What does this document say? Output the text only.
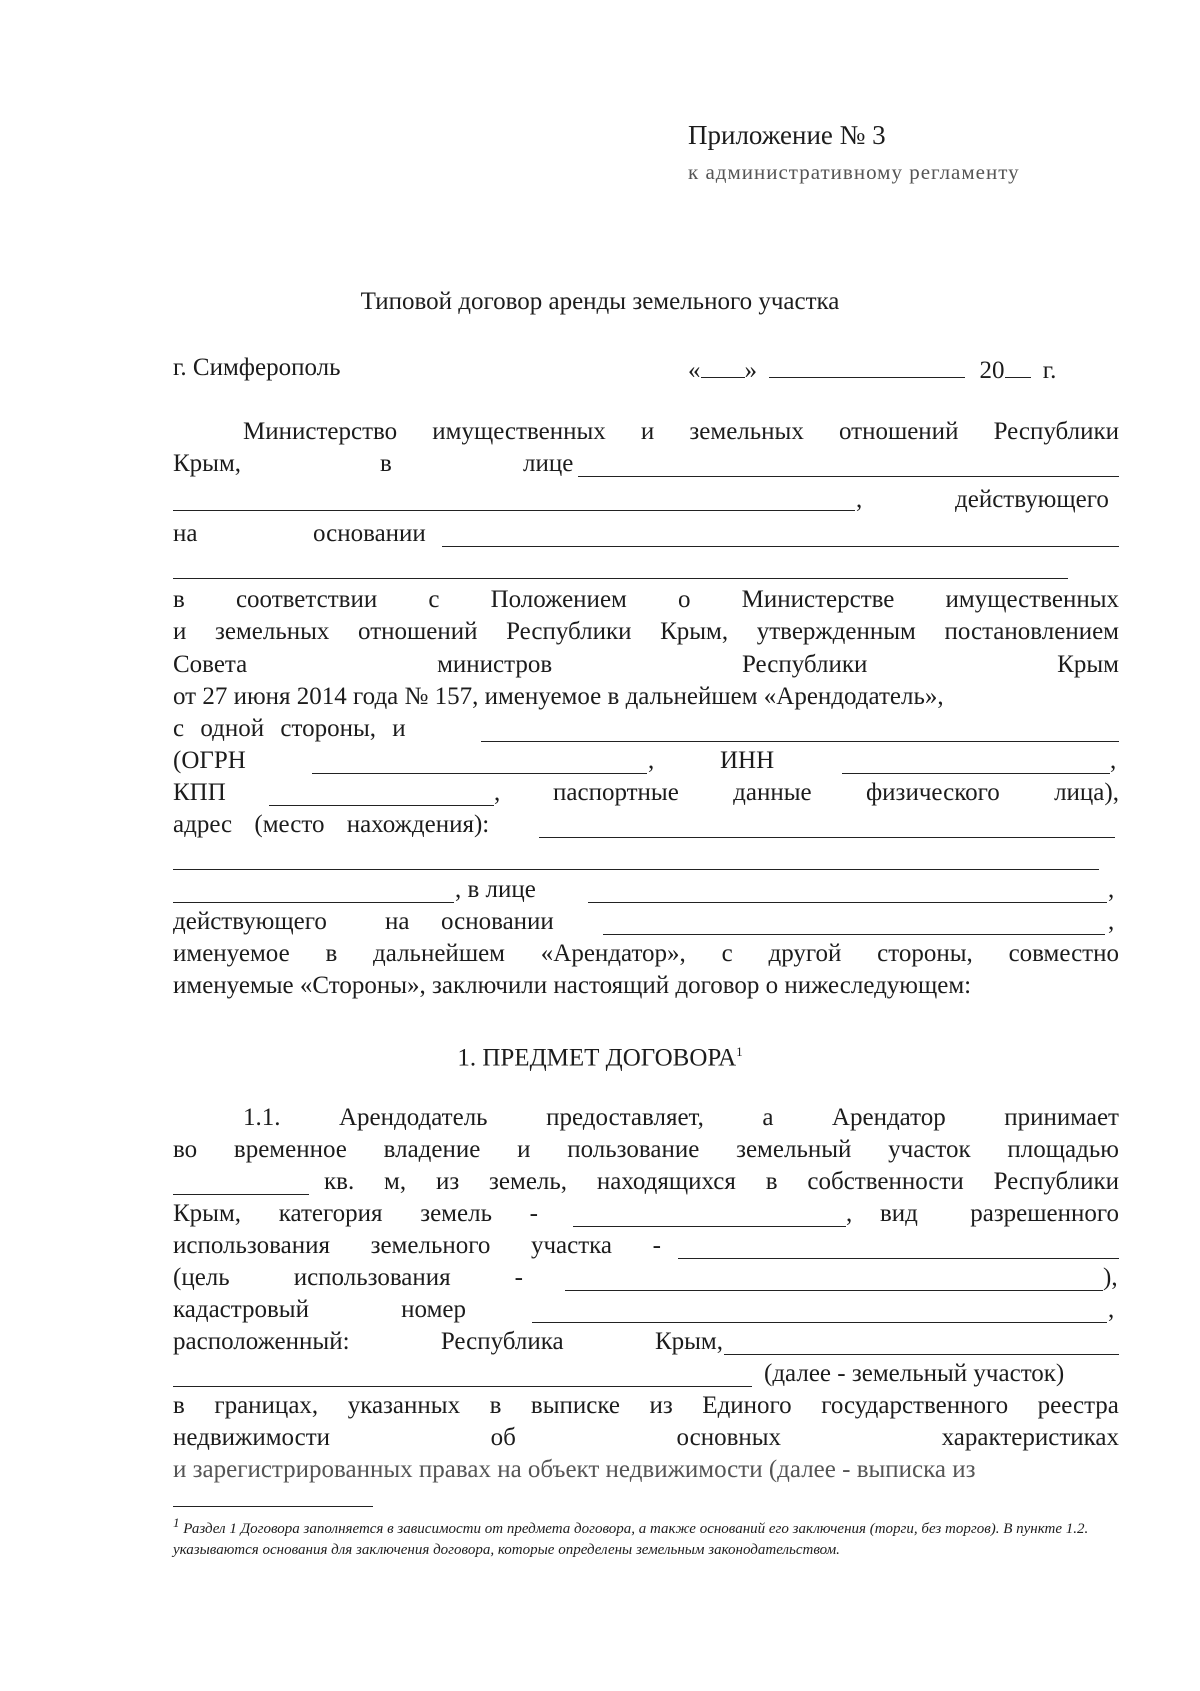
Приложение № 3
к административному регламенту
Типовой договор аренды земельного участка
г. Симферополь	« »	20 г.
Министерство имущественных и земельных отношений Республики
Крым,	в	лице
,	действующего
на	основании
в соответствии с Положением о Министерстве имущественных
и земельных отношений Республики Крым, утвержденным постановлением
Совета	министров	Республики	Крым
от 27 июня 2014 года № 157, именуемое в дальнейшем «Арендодатель»,
с одной стороны, и
(ОГРН	,	ИНН	,
КПП	, паспортные данные физического лица),
адрес (место нахождения):
, в лице	,
действующего на основании	,
именуемое в дальнейшем «Арендатор», с другой стороны, совместно
именуемые «Стороны», заключили настоящий договор о нижеследующем:
1. ПРЕДМЕТ ДОГОВОРА$^1$
1.1. Арендодатель предоставляет, а Арендатор принимает
во временное владение и пользование земельный участок площадью
кв. м, из земель, находящихся в собственности Республики
Крым, категория земель -	, вид разрешенного
использования земельного участка -
(цель	использования	-	),
кадастровый	номер	,
расположенный:	Республика	Крым,
(далее - земельный участок)
в границах, указанных в выписке из Единого государственного реестра
недвижимости	об	основных	характеристиках
и зарегистрированных правах на объект недвижимости (далее - выписка из
$^1$ Раздел 1 Договора заполняется в зависимости от предмета договора, а также оснований его заключения (торги, без торгов). В пункте 1.2. указываются основания для заключения договора, которые определены земельным законодательством.
